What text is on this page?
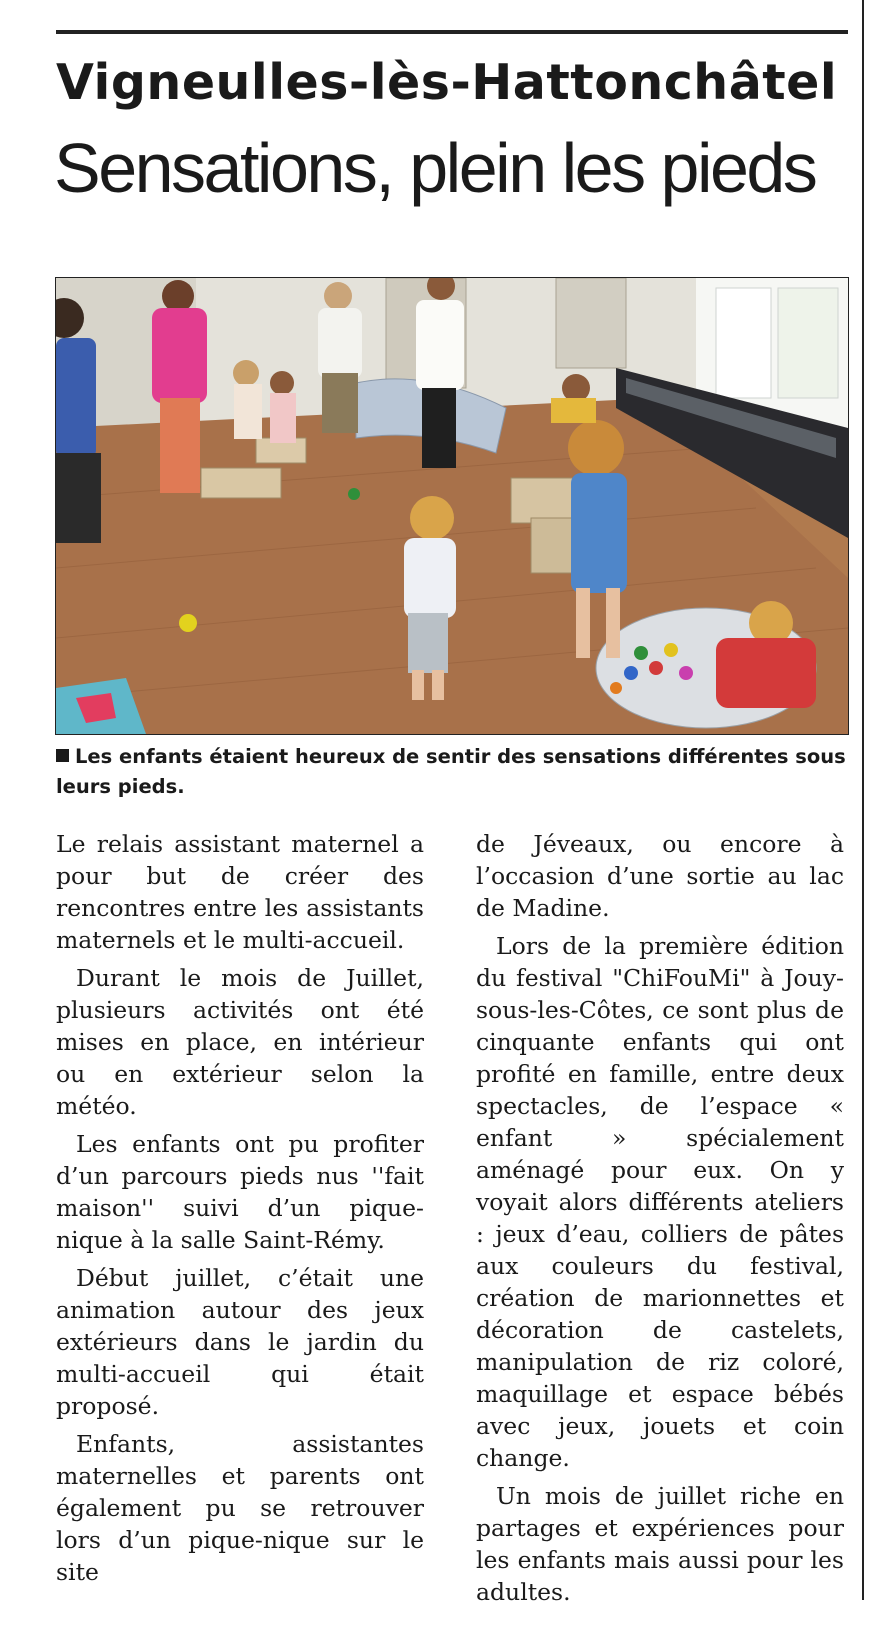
Vigneulles-lès-Hattonchâtel
Sensations, plein les pieds
Les enfants étaient heureux de sentir des sensations différentes sous leurs pieds.

Le relais assistant maternel a pour but de créer des rencontres entre les assistants maternels et le multi-accueil.

Durant le mois de Juillet, plusieurs activités ont été mises en place, en intérieur ou en extérieur selon la météo.

Les enfants ont pu profiter d’un parcours pieds nus ''fait maison'' suivi d’un pique-nique à la salle Saint-Rémy.

Début juillet, c’était une animation autour des jeux extérieurs dans le jardin du multi-accueil qui était proposé.

Enfants, assistantes maternelles et parents ont également pu se retrouver lors d’un pique-nique sur le site

de Jéveaux, ou encore à l’occasion d’une sortie au lac de Madine.

Lors de la première édition du festival "ChiFouMi" à Jouy-sous-les-Côtes, ce sont plus de cinquante enfants qui ont profité en famille, entre deux spectacles, de l’espace « enfant » spécialement aménagé pour eux. On y voyait alors différents ateliers : jeux d’eau, colliers de pâtes aux couleurs du festival, création de marionnettes et décoration de castelets, manipulation de riz coloré, maquillage et espace bébés avec jeux, jouets et coin change.

Un mois de juillet riche en partages et expériences pour les enfants mais aussi pour les adultes.
